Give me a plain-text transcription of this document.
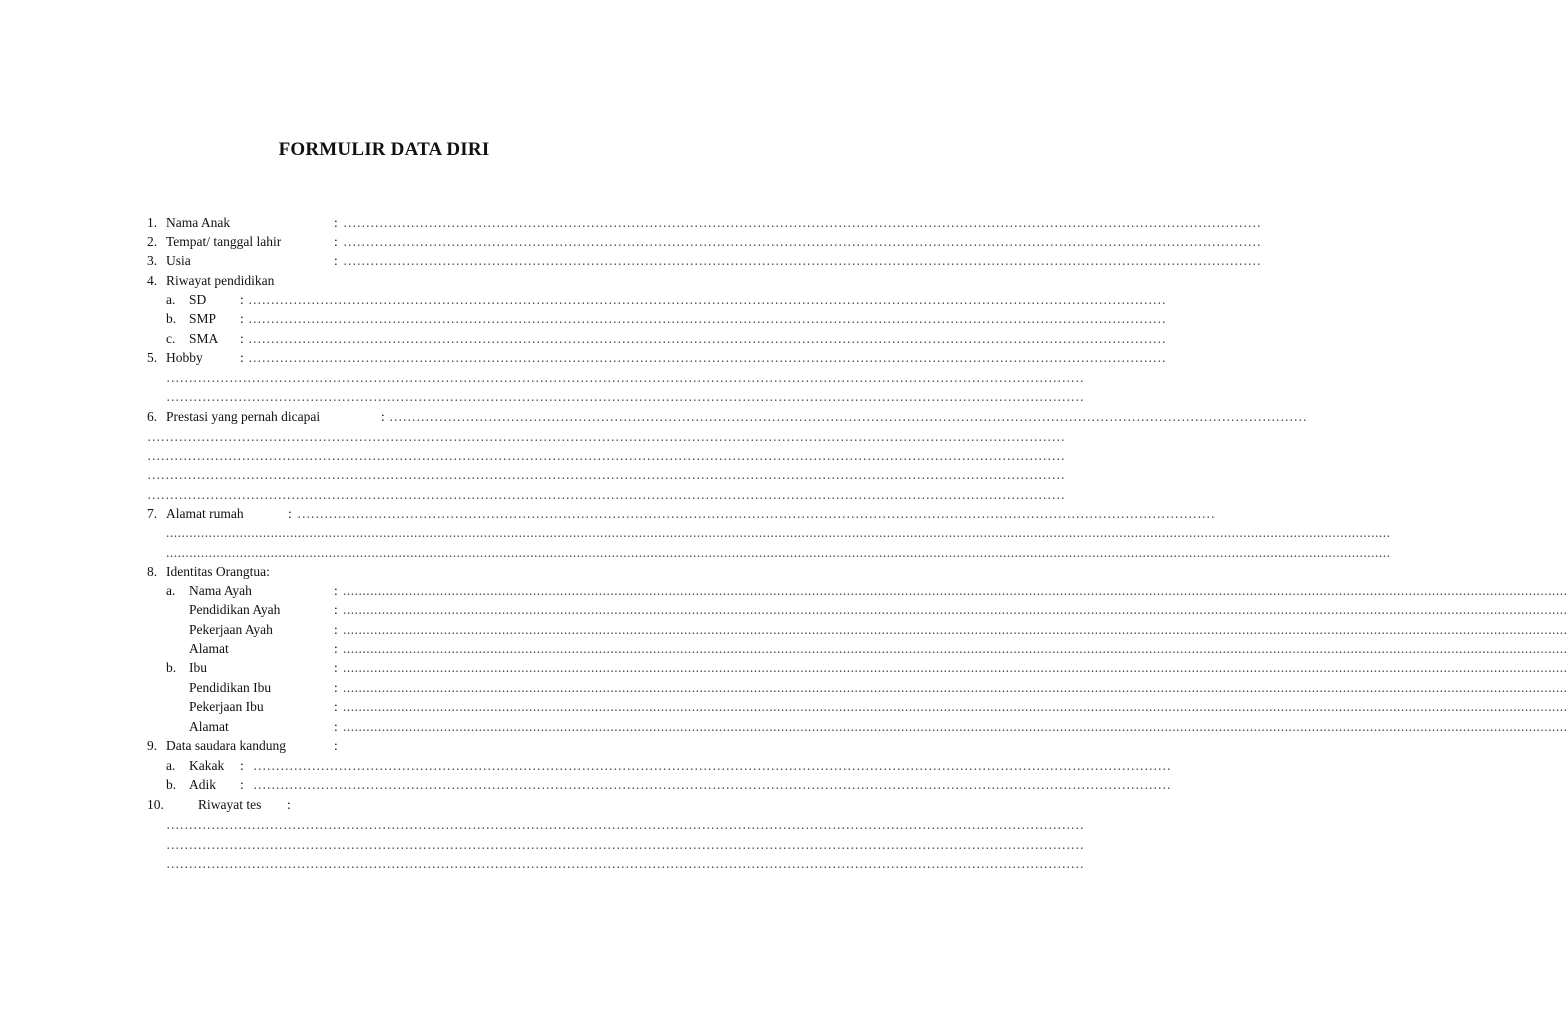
FORMULIR DATA DIRI
1. Nama Anak	: ……………………………………………………………………………………………………………………………………………………………………………………
2. Tempat/ tanggal lahir	: ……………………………………………………………………………………………………………………………………………………………………………………
3. Usia	: ……………………………………………………………………………………………………………………………………………………………………………………
4. Riwayat pendidikan
a. SD : ……………………………………………………………………………………………………………………………………………………………………………………
b. SMP : ……………………………………………………………………………………………………………………………………………………………………………………
c. SMA : ……………………………………………………………………………………………………………………………………………………………………………………
5. Hobby	: ……………………………………………………………………………………………………………………………………………………………………………………
……………………………………………………………………………………………………………………………………………………………………………………
……………………………………………………………………………………………………………………………………………………………………………………
6. Prestasi yang pernah dicapai	: ……………………………………………………………………………………………………………………………………………………………………………………
……………………………………………………………………………………………………………………………………………………………………………………
……………………………………………………………………………………………………………………………………………………………………………………
……………………………………………………………………………………………………………………………………………………………………………………
……………………………………………………………………………………………………………………………………………………………………………………
7. Alamat rumah	: ……………………………………………………………………………………………………………………………………………………………………………………
............................................................................................................................................................................................................................................................................................................................
............................................................................................................................................................................................................................................................................................................................
8. Identitas Orangtua:
a. Nama Ayah	: ............................................................................................................................................................................................................................................................................................................................
Pendidikan Ayah	: ............................................................................................................................................................................................................................................................................................................................
Pekerjaan Ayah	: ............................................................................................................................................................................................................................................................................................................................
Alamat	: ............................................................................................................................................................................................................................................................................................................................
b. Ibu	: ............................................................................................................................................................................................................................................................................................................................
Pendidikan Ibu	: ............................................................................................................................................................................................................................................................................................................................
Pekerjaan Ibu	: ............................................................................................................................................................................................................................................................................................................................
Alamat	: ............................................................................................................................................................................................................................................................................................................................
9. Data saudara kandung	:
a. Kakak : ……………………………………………………………………………………………………………………………………………………………………………………
b. Adik : ……………………………………………………………………………………………………………………………………………………………………………………
10.	Riwayat tes :
……………………………………………………………………………………………………………………………………………………………………………………
……………………………………………………………………………………………………………………………………………………………………………………
……………………………………………………………………………………………………………………………………………………………………………………
